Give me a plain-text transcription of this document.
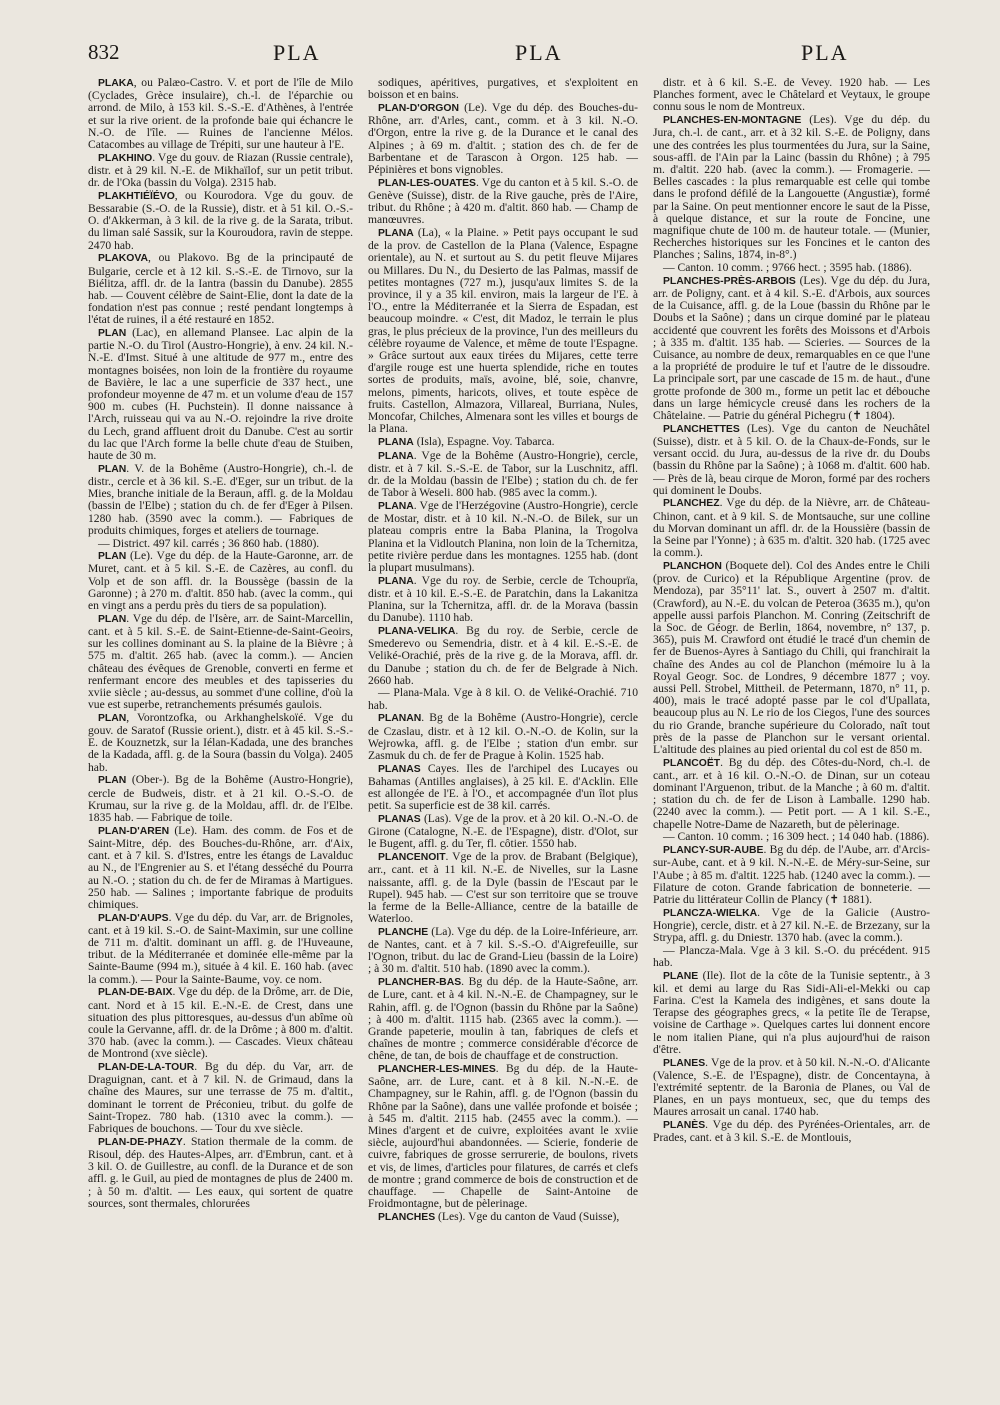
832	PLA	PLA	PLA

PLAKA, ou Palæo-Castro. V. et port de l'île de Milo (Cyclades, Grèce insulaire), ch.-l. de l'éparchie ou arrond. de Milo, à 153 kil. S.-S.-E. d'Athènes, à l'entrée et sur la rive orient. de la profonde baie qui échancre le N.-O. de l'île. — Ruines de l'ancienne Mélos. Catacombes au village de Trépiti, sur une hauteur à l'E.

PLAKHINO. Vge du gouv. de Riazan (Russie centrale), distr. et à 29 kil. N.-E. de Mikhaïlof, sur un petit tribut. dr. de l'Oka (bassin du Volga). 2315 hab.

PLAKHTIÉÏÉVO, ou Kourodora. Vge du gouv. de Bessarabie (S.-O. de la Russie), distr. et à 51 kil. O.-S.-O. d'Akkerman, à 3 kil. de la rive g. de la Sarata, tribut. du liman salé Sassik, sur la Kouroudora, ravin de steppe. 2470 hab.

PLAKOVA, ou Plakovo. Bg de la principauté de Bulgarie, cercle et à 12 kil. S.-S.-E. de Tirnovo, sur la Biélitza, affl. dr. de la Iantra (bassin du Danube). 2855 hab. — Couvent célèbre de Saint-Elie, dont la date de la fondation n'est pas connue ; resté pendant longtemps à l'état de ruines, il a été restauré en 1852.

PLAN (Lac), en allemand Plansee. Lac alpin de la partie N.-O. du Tirol (Austro-Hongrie), à env. 24 kil. N.-N.-E. d'Imst. Situé à une altitude de 977 m., entre des montagnes boisées, non loin de la frontière du royaume de Bavière, le lac a une superficie de 337 hect., une profondeur moyenne de 47 m. et un volume d'eau de 157 900 m. cubes (H. Puchstein). Il donne naissance à l'Arch, ruisseau qui va au N.-O. rejoindre la rive droite du Lech, grand affluent droit du Danube. C'est au sortir du lac que l'Arch forme la belle chute d'eau de Stuiben, haute de 30 m.

PLAN. V. de la Bohême (Austro-Hongrie), ch.-l. de distr., cercle et à 36 kil. S.-E. d'Eger, sur un tribut. de la Mies, branche initiale de la Beraun, affl. g. de la Moldau (bassin de l'Elbe) ; station du ch. de fer d'Eger à Pilsen. 1280 hab. (3590 avec la comm.). — Fabriques de produits chimiques, forges et ateliers de tournage.

— District. 497 kil. carrés ; 36 860 hab. (1880).

PLAN (Le). Vge du dép. de la Haute-Garonne, arr. de Muret, cant. et à 5 kil. S.-E. de Cazères, au confl. du Volp et de son affl. dr. la Boussège (bassin de la Garonne) ; à 270 m. d'altit. 850 hab. (avec la comm., qui en vingt ans a perdu près du tiers de sa population).

PLAN. Vge du dép. de l'Isère, arr. de Saint-Marcellin, cant. et à 5 kil. S.-E. de Saint-Etienne-de-Saint-Geoirs, sur les collines dominant au S. la plaine de la Bièvre ; à 575 m. d'altit. 265 hab. (avec la comm.). — Ancien château des évêques de Grenoble, converti en ferme et renfermant encore des meubles et des tapisseries du xviie siècle ; au-dessus, au sommet d'une colline, d'où la vue est superbe, retranchements présumés gaulois.

PLAN, Vorontzofka, ou Arkhanghelskoïé. Vge du gouv. de Saratof (Russie orient.), distr. et à 45 kil. S.-S.-E. de Kouznetzk, sur la Iélan-Kadada, une des branches de la Kadada, affl. g. de la Soura (bassin du Volga). 2405 hab.

PLAN (Ober-). Bg de la Bohême (Austro-Hongrie), cercle de Budweis, distr. et à 21 kil. O.-S.-O. de Krumau, sur la rive g. de la Moldau, affl. dr. de l'Elbe. 1835 hab. — Fabrique de toile.

PLAN-D'AREN (Le). Ham. des comm. de Fos et de Saint-Mitre, dép. des Bouches-du-Rhône, arr. d'Aix, cant. et à 7 kil. S. d'Istres, entre les étangs de Lavalduc au N., de l'Engrenier au S. et l'étang desséché du Pourra au N.-O. ; station du ch. de fer de Miramas à Martigues. 250 hab. — Salines ; importante fabrique de produits chimiques.

PLAN-D'AUPS. Vge du dép. du Var, arr. de Brignoles, cant. et à 19 kil. S.-O. de Saint-Maximin, sur une colline de 711 m. d'altit. dominant un affl. g. de l'Huveaune, tribut. de la Méditerranée et dominée elle-même par la Sainte-Baume (994 m.), située à 4 kil. E. 160 hab. (avec la comm.). — Pour la Sainte-Baume, voy. ce nom.

PLAN-DE-BAIX. Vge du dép. de la Drôme, arr. de Die, cant. Nord et à 15 kil. E.-N.-E. de Crest, dans une situation des plus pittoresques, au-dessus d'un abîme où coule la Gervanne, affl. dr. de la Drôme ; à 800 m. d'altit. 370 hab. (avec la comm.). — Cascades. Vieux château de Montrond (xve siècle).

PLAN-DE-LA-TOUR. Bg du dép. du Var, arr. de Draguignan, cant. et à 7 kil. N. de Grimaud, dans la chaîne des Maures, sur une terrasse de 75 m. d'altit., dominant le torrent de Préconieu, tribut. du golfe de Saint-Tropez. 780 hab. (1310 avec la comm.). — Fabriques de bouchons. — Tour du xve siècle.

PLAN-DE-PHAZY. Station thermale de la comm. de Risoul, dép. des Hautes-Alpes, arr. d'Embrun, cant. et à 3 kil. O. de Guillestre, au confl. de la Durance et de son affl. g. le Guil, au pied de montagnes de plus de 2400 m. ; à 50 m. d'altit. — Les eaux, qui sortent de quatre sources, sont thermales, chlorurées

sodiques, apéritives, purgatives, et s'exploitent en boisson et en bains.

PLAN-D'ORGON (Le). Vge du dép. des Bouches-du-Rhône, arr. d'Arles, cant., comm. et à 3 kil. N.-O. d'Orgon, entre la rive g. de la Durance et le canal des Alpines ; à 69 m. d'altit. ; station des ch. de fer de Barbentane et de Tarascon à Orgon. 125 hab. — Pépinières et bons vignobles.

PLAN-LES-OUATES. Vge du canton et à 5 kil. S.-O. de Genève (Suisse), distr. de la Rive gauche, près de l'Aire, tribut. du Rhône ; à 420 m. d'altit. 860 hab. — Champ de manœuvres.

PLANA (La), « la Plaine. » Petit pays occupant le sud de la prov. de Castellon de la Plana (Valence, Espagne orientale), au N. et surtout au S. du petit fleuve Mijares ou Millares. Du N., du Desierto de las Palmas, massif de petites montagnes (727 m.), jusqu'aux limites S. de la province, il y a 35 kil. environ, mais la largeur de l'E. à l'O., entre la Méditerranée et la Sierra de Espadan, est beaucoup moindre. « C'est, dit Madoz, le terrain le plus gras, le plus précieux de la province, l'un des meilleurs du célèbre royaume de Valence, et même de toute l'Espagne. » Grâce surtout aux eaux tirées du Mijares, cette terre d'argile rouge est une huerta splendide, riche en toutes sortes de produits, maïs, avoine, blé, soie, chanvre, melons, piments, haricots, olives, et toute espèce de fruits. Castellon, Almazora, Villareal, Burriana, Nules, Moncofar, Chilches, Almenara sont les villes et bourgs de la Plana.

PLANA (Isla), Espagne. Voy. Tabarca.

PLANA. Vge de la Bohême (Austro-Hongrie), cercle, distr. et à 7 kil. S.-S.-E. de Tabor, sur la Luschnitz, affl. dr. de la Moldau (bassin de l'Elbe) ; station du ch. de fer de Tabor à Weseli. 800 hab. (985 avec la comm.).

PLANA. Vge de l'Herzégovine (Austro-Hongrie), cercle de Mostar, distr. et à 10 kil. N.-N.-O. de Bilek, sur un plateau compris entre la Baba Planina, la Trogolva Planina et la Vidloutch Planina, non loin de la Tchernitza, petite rivière perdue dans les montagnes. 1255 hab. (dont la plupart musulmans).

PLANA. Vge du roy. de Serbie, cercle de Tchouprïa, distr. et à 10 kil. E.-S.-E. de Paratchin, dans la Lakanitza Planina, sur la Tchernitza, affl. dr. de la Morava (bassin du Danube). 1110 hab.

PLANA-VELIKA. Bg du roy. de Serbie, cercle de Smederevo ou Semendria, distr. et à 4 kil. E.-S.-E. de Veliké-Orachié, près de la rive g. de la Morava, affl. dr. du Danube ; station du ch. de fer de Belgrade à Nich. 2660 hab.

— Plana-Mala. Vge à 8 kil. O. de Veliké-Orachié. 710 hab.

PLANAN. Bg de la Bohême (Austro-Hongrie), cercle de Czaslau, distr. et à 12 kil. O.-N.-O. de Kolin, sur la Wejrowka, affl. g. de l'Elbe ; station d'un embr. sur Zasmuk du ch. de fer de Prague à Kolin. 1525 hab.

PLANAS Cayes. Iles de l'archipel des Lucayes ou Bahamas (Antilles anglaises), à 25 kil. E. d'Acklin. Elle est allongée de l'E. à l'O., et accompagnée d'un îlot plus petit. Sa superficie est de 38 kil. carrés.

PLANAS (Las). Vge de la prov. et à 20 kil. O.-N.-O. de Girone (Catalogne, N.-E. de l'Espagne), distr. d'Olot, sur le Bugent, affl. g. du Ter, fl. côtier. 1550 hab.

PLANCENOIT. Vge de la prov. de Brabant (Belgique), arr., cant. et à 11 kil. N.-E. de Nivelles, sur la Lasne naissante, affl. g. de la Dyle (bassin de l'Escaut par le Rupel). 945 hab. — C'est sur son territoire que se trouve la ferme de la Belle-Alliance, centre de la bataille de Waterloo.

PLANCHE (La). Vge du dép. de la Loire-Inférieure, arr. de Nantes, cant. et à 7 kil. S.-S.-O. d'Aigrefeuille, sur l'Ognon, tribut. du lac de Grand-Lieu (bassin de la Loire) ; à 30 m. d'altit. 510 hab. (1890 avec la comm.).

PLANCHER-BAS. Bg du dép. de la Haute-Saône, arr. de Lure, cant. et à 4 kil. N.-N.-E. de Champagney, sur le Rahin, affl. g. de l'Ognon (bassin du Rhône par la Saône) ; à 400 m. d'altit. 1115 hab. (2365 avec la comm.). — Grande papeterie, moulin à tan, fabriques de clefs et chaînes de montre ; commerce considérable d'écorce de chêne, de tan, de bois de chauffage et de construction.

PLANCHER-LES-MINES. Bg du dép. de la Haute-Saône, arr. de Lure, cant. et à 8 kil. N.-N.-E. de Champagney, sur le Rahin, affl. g. de l'Ognon (bassin du Rhône par la Saône), dans une vallée profonde et boisée ; à 545 m. d'altit. 2115 hab. (2455 avec la comm.). — Mines d'argent et de cuivre, exploitées avant le xviie siècle, aujourd'hui abandonnées. — Scierie, fonderie de cuivre, fabriques de grosse serrurerie, de boulons, rivets et vis, de limes, d'articles pour filatures, de carrés et clefs de montre ; grand commerce de bois de construction et de chauffage. — Chapelle de Saint-Antoine de Froidmontagne, but de pèlerinage.

PLANCHES (Les). Vge du canton de Vaud (Suisse),

distr. et à 6 kil. S.-E. de Vevey. 1920 hab. — Les Planches forment, avec le Châtelard et Veytaux, le groupe connu sous le nom de Montreux.

PLANCHES-EN-MONTAGNE (Les). Vge du dép. du Jura, ch.-l. de cant., arr. et à 32 kil. S.-E. de Poligny, dans une des contrées les plus tourmentées du Jura, sur la Saine, sous-affl. de l'Ain par la Lainc (bassin du Rhône) ; à 795 m. d'altit. 220 hab. (avec la comm.). — Fromagerie. — Belles cascades : la plus remarquable est celle qui tombe dans le profond défilé de la Langouette (Angustiæ), formé par la Saine. On peut mentionner encore le saut de la Pisse, à quelque distance, et sur la route de Foncine, une magnifique chute de 100 m. de hauteur totale. — (Munier, Recherches historiques sur les Foncines et le canton des Planches ; Salins, 1874, in-8°.)

— Canton. 10 comm. ; 9766 hect. ; 3595 hab. (1886).

PLANCHES-PRÈS-ARBOIS (Les). Vge du dép. du Jura, arr. de Poligny, cant. et à 4 kil. S.-E. d'Arbois, aux sources de la Cuisance, affl. g. de la Loue (bassin du Rhône par le Doubs et la Saône) ; dans un cirque dominé par le plateau accidenté que couvrent les forêts des Moissons et d'Arbois ; à 335 m. d'altit. 135 hab. — Scieries. — Sources de la Cuisance, au nombre de deux, remarquables en ce que l'une a la propriété de produire le tuf et l'autre de le dissoudre. La principale sort, par une cascade de 15 m. de haut., d'une grotte profonde de 300 m., forme un petit lac et débouche dans un large hémicycle creusé dans les rochers de la Châtelaine. — Patrie du général Pichegru (✝ 1804).

PLANCHETTES (Les). Vge du canton de Neuchâtel (Suisse), distr. et à 5 kil. O. de la Chaux-de-Fonds, sur le versant occid. du Jura, au-dessus de la rive dr. du Doubs (bassin du Rhône par la Saône) ; à 1068 m. d'altit. 600 hab. — Près de là, beau cirque de Moron, formé par des rochers qui dominent le Doubs.

PLANCHEZ. Vge du dép. de la Nièvre, arr. de Château-Chinon, cant. et à 9 kil. S. de Montsauche, sur une colline du Morvan dominant un affl. dr. de la Houssière (bassin de la Seine par l'Yonne) ; à 635 m. d'altit. 320 hab. (1725 avec la comm.).

PLANCHON (Boquete del). Col des Andes entre le Chili (prov. de Curico) et la République Argentine (prov. de Mendoza), par 35°11' lat. S., ouvert à 2507 m. d'altit. (Crawford), au N.-E. du volcan de Peteroa (3635 m.), qu'on appelle aussi parfois Planchon. M. Conring (Zeitschrift de la Soc. de Géogr. de Berlin, 1864, novembre, n° 137, p. 365), puis M. Crawford ont étudié le tracé d'un chemin de fer de Buenos-Ayres à Santiago du Chili, qui franchirait la chaîne des Andes au col de Planchon (mémoire lu à la Royal Geogr. Soc. de Londres, 9 décembre 1877 ; voy. aussi Pell. Strobel, Mittheil. de Petermann, 1870, n° 11, p. 400), mais le tracé adopté passe par le col d'Upallata, beaucoup plus au N. Le rio de los Ciegos, l'une des sources du rio Grande, branche supérieure du Colorado, naît tout près de la passe de Planchon sur le versant oriental. L'altitude des plaines au pied oriental du col est de 850 m.

PLANCOËT. Bg du dép. des Côtes-du-Nord, ch.-l. de cant., arr. et à 16 kil. O.-N.-O. de Dinan, sur un coteau dominant l'Arguenon, tribut. de la Manche ; à 60 m. d'altit. ; station du ch. de fer de Lison à Lamballe. 1290 hab. (2240 avec la comm.). — Petit port. — A 1 kil. S.-E., chapelle Notre-Dame de Nazareth, but de pèlerinage.

— Canton. 10 comm. ; 16 309 hect. ; 14 040 hab. (1886).

PLANCY-SUR-AUBE. Bg du dép. de l'Aube, arr. d'Arcis-sur-Aube, cant. et à 9 kil. N.-N.-E. de Méry-sur-Seine, sur l'Aube ; à 85 m. d'altit. 1225 hab. (1240 avec la comm.). — Filature de coton. Grande fabrication de bonneterie. — Patrie du littérateur Collin de Plancy (✝ 1881).

PLANCZA-WIELKA. Vge de la Galicie (Austro-Hongrie), cercle, distr. et à 27 kil. N.-E. de Brzezany, sur la Strypa, affl. g. du Dniestr. 1370 hab. (avec la comm.).

— Plancza-Mala. Vge à 3 kil. S.-O. du précédent. 915 hab.

PLANE (Ile). Ilot de la côte de la Tunisie septentr., à 3 kil. et demi au large du Ras Sidi-Ali-el-Mekki ou cap Farina. C'est la Kamela des indigènes, et sans doute la Terapse des géographes grecs, « la petite île de Terapse, voisine de Carthage ». Quelques cartes lui donnent encore le nom italien Piane, qui n'a plus aujourd'hui de raison d'être.

PLANES. Vge de la prov. et à 50 kil. N.-N.-O. d'Alicante (Valence, S.-E. de l'Espagne), distr. de Concentayna, à l'extrémité septentr. de la Baronia de Planes, ou Val de Planes, en un pays montueux, sec, que du temps des Maures arrosait un canal. 1740 hab.

PLANÈS. Vge du dép. des Pyrénées-Orientales, arr. de Prades, cant. et à 3 kil. S.-E. de Montlouis,
